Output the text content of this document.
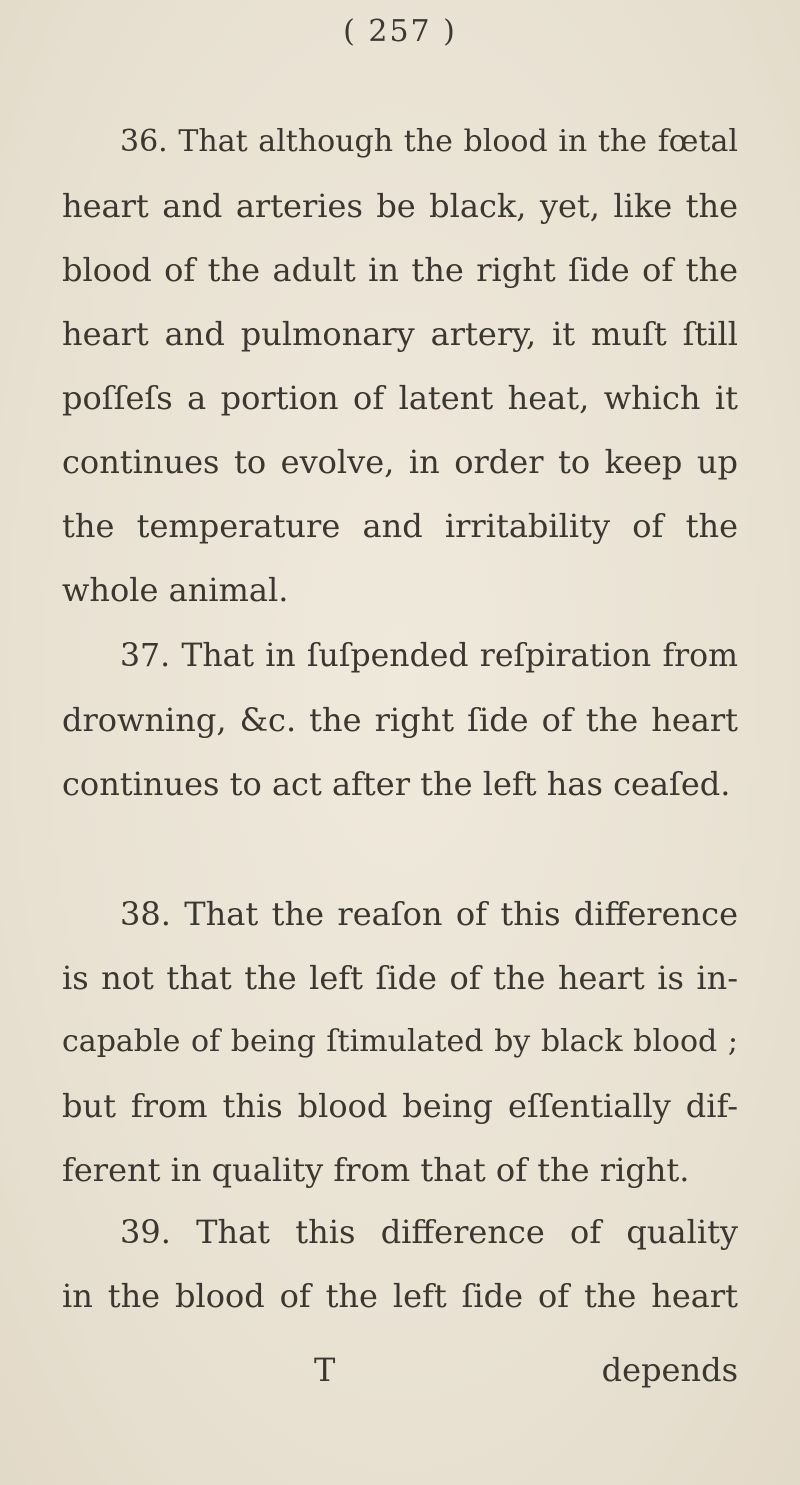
( 257 )

36. That although the blood in the fœtal
heart and arteries be black, yet, like the
blood of the adult in the right ſide of the
heart and pulmonary artery, it muſt ſtill
poſſeſs a portion of latent heat, which it
continues to evolve, in order to keep up
the temperature and irritability of the
whole animal.

37. That in ſuſpended reſpiration from
drowning, &c. the right ſide of the heart
continues to act after the left has ceaſed.

38. That the reaſon of this difference
is not that the left ſide of the heart is in-
capable of being ſtimulated by black blood ;
but from this blood being eſſentially dif-
ferent in quality from that of the right.

39. That this difference of quality
in the blood of the left ſide of the heart

T	depends
